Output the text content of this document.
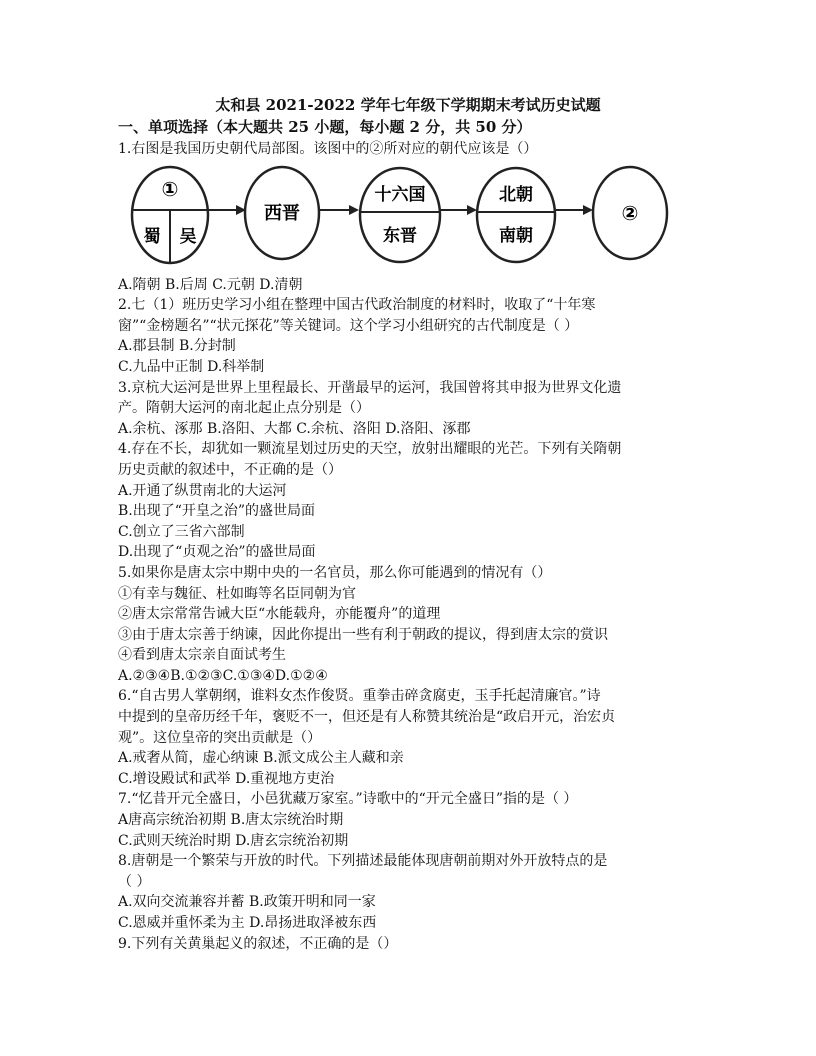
太和县 2021-2022 学年七年级下学期期末考试历史试题
一、单项选择（本大题共 25 小题，每小题 2 分，共 50 分）
1.右图是我国历史朝代局部图。该图中的②所对应的朝代应该是（）
①
蜀 吴
西晋
十六国
东晋
北朝
南朝
②
A.隋朝 B.后周 C.元朝 D.清朝
2.七（1）班历史学习小组在整理中国古代政治制度的材料时，收取了“十年寒
窗”“金榜题名”“状元探花”等关键词。这个学习小组研究的古代制度是（ ）
A.郡县制 B.分封制
C.九品中正制 D.科举制
3.京杭大运河是世界上里程最长、开凿最早的运河，我国曾将其申报为世界文化遗
产。隋朝大运河的南北起止点分别是（）
A.余杭、涿那 B.洛阳、大都 C.余杭、洛阳 D.洛阳、涿郡
4.存在不长，却犹如一颗流星划过历史的天空，放射出耀眼的光芒。下列有关隋朝
历史贡献的叙述中，不正确的是（）
A.开通了纵贯南北的大运河
B.出现了“开皇之治”的盛世局面
C.创立了三省六部制
D.出现了“贞观之治”的盛世局面
5.如果你是唐太宗中期中央的一名官员，那么你可能遇到的情况有（）
①有幸与魏征、杜如晦等名臣同朝为官
②唐太宗常常告诫大臣“水能载舟，亦能覆舟”的道理
③由于唐太宗善于纳谏，因此你提出一些有利于朝政的提议，得到唐太宗的赏识
④看到唐太宗亲自面试考生
A.②③④B.①②③C.①③④D.①②④
6.“自古男人掌朝纲，谁料女杰作俊贤。重拳击碎贪腐吏，玉手托起清廉官。”诗
中提到的皇帝历经千年，褒贬不一，但还是有人称赞其统治是“政启开元，治宏贞
观”。这位皇帝的突出贡献是（）
A.戒奢从简，虚心纳谏 B.派文成公主人藏和亲
C.增设殿试和武举 D.重视地方吏治
7.“忆昔开元全盛日，小邑犹藏万家室。”诗歌中的“开元全盛日”指的是（ ）
A唐高宗统治初期 B.唐太宗统治时期
C.武则天统治时期 D.唐玄宗统治初期
8.唐朝是一个繁荣与开放的时代。下列描述最能体现唐朝前期对外开放特点的是
（ ）
A.双向交流兼容并蓄 B.政策开明和同一家
C.恩威并重怀柔为主 D.昂扬进取泽被东西
9.下列有关黄巢起义的叙述，不正确的是（）
